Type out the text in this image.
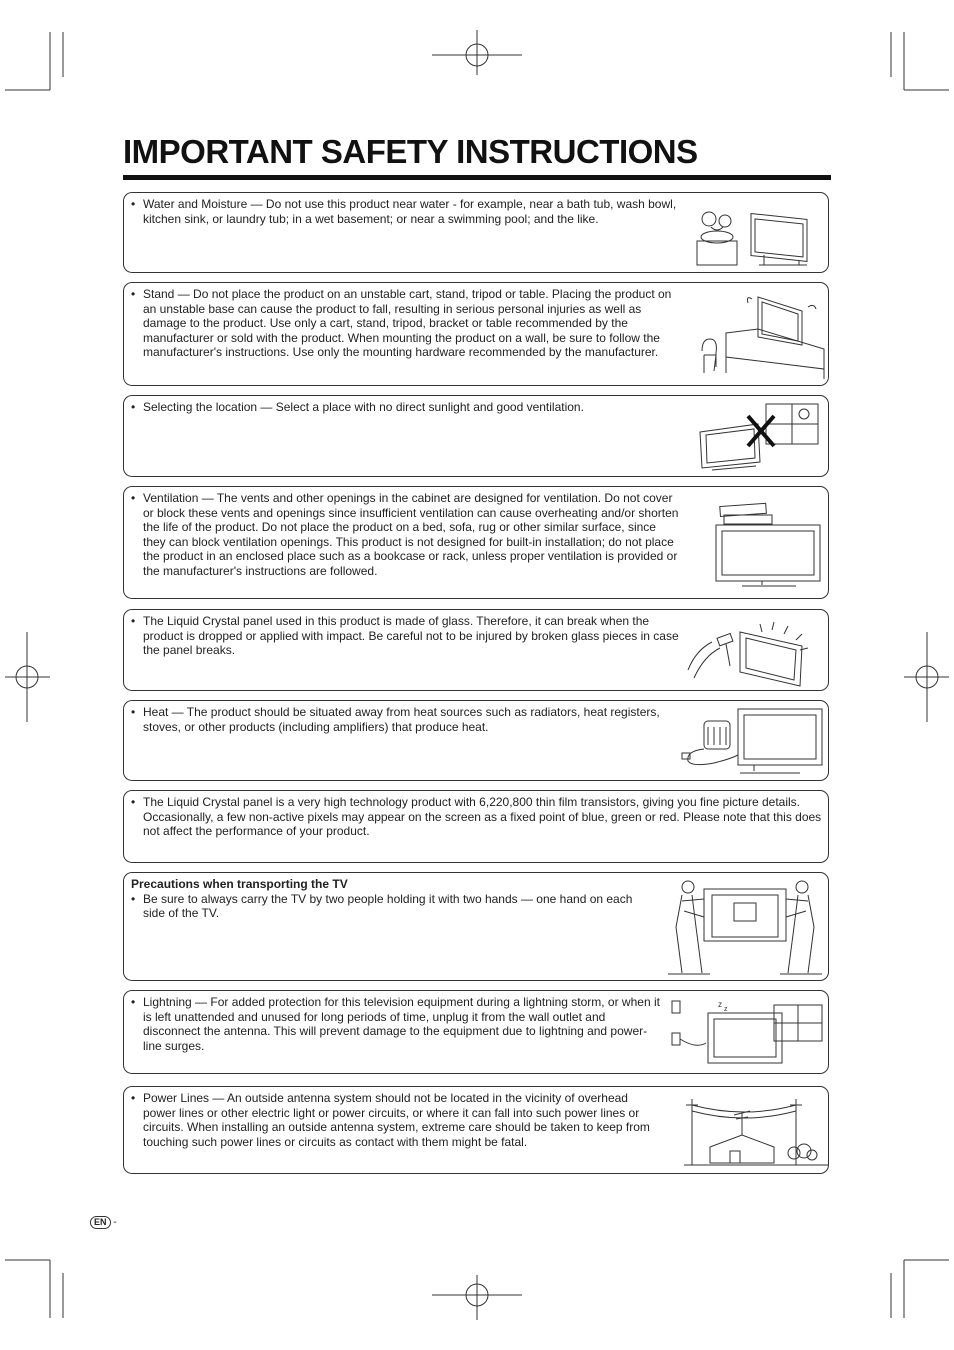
IMPORTANT SAFETY INSTRUCTIONS
• Water and Moisture — Do not use this product near water - for example, near a bath tub, wash bowl, kitchen sink, or laundry tub; in a wet basement; or near a swimming pool; and the like.
• Stand — Do not place the product on an unstable cart, stand, tripod or table. Placing the product on an unstable base can cause the product to fall, resulting in serious personal injuries as well as damage to the product. Use only a cart, stand, tripod, bracket or table recommended by the manufacturer or sold with the product. When mounting the product on a wall, be sure to follow the manufacturer's instructions. Use only the mounting hardware recommended by the manufacturer.
• Selecting the location — Select a place with no direct sunlight and good ventilation.
• Ventilation — The vents and other openings in the cabinet are designed for ventilation. Do not cover or block these vents and openings since insufficient ventilation can cause overheating and/or shorten the life of the product. Do not place the product on a bed, sofa, rug or other similar surface, since they can block ventilation openings. This product is not designed for built-in installation; do not place the product in an enclosed place such as a bookcase or rack, unless proper ventilation is provided or the manufacturer's instructions are followed.
• The Liquid Crystal panel used in this product is made of glass. Therefore, it can break when the product is dropped or applied with impact. Be careful not to be injured by broken glass pieces in case the panel breaks.
• Heat — The product should be situated away from heat sources such as radiators, heat registers, stoves, or other products (including amplifiers) that produce heat.

• The Liquid Crystal panel is a very high technology product with 6,220,800 thin film transistors, giving you fine picture details.

Occasionally, a few non-active pixels may appear on the screen as a fixed point of blue, green or red. Please note that this does not affect the performance of your product.

Precautions when transporting the TV

• Be sure to always carry the TV by two people holding it with two hands — one hand on each side of the TV.
• Lightning — For added protection for this television equipment during a lightning storm, or when it is left unattended and unused for long periods of time, unplug it from the wall outlet and disconnect the antenna. This will prevent damage to the equipment due to lightning and power-line surges.
z
z
• Power Lines — An outside antenna system should not be located in the vicinity of overhead power lines or other electric light or power circuits, or where it can fall into such power lines or circuits. When installing an outside antenna system, extreme care should be taken to keep from touching such power lines or circuits as contact with them might be fatal.
EN -
